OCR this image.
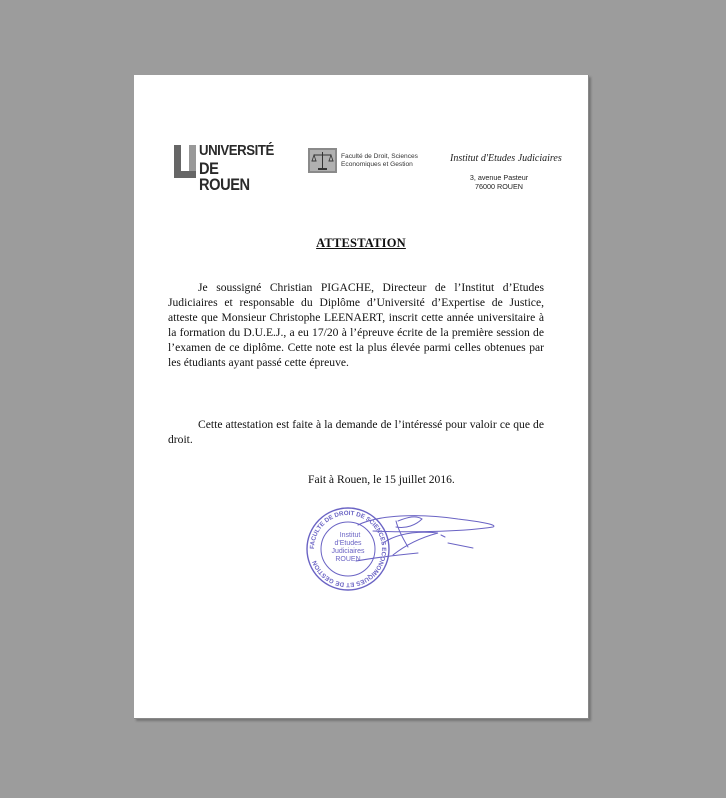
UNIVERSITÉ
DE ROUEN
Faculté de Droit, Sciences
Economiques et Gestion
Institut d'Etudes Judiciaires
3, avenue Pasteur
76000 ROUEN
ATTESTATION
Je soussigné Christian PIGACHE, Directeur de l’Institut d’Etudes Judiciaires et responsable du Diplôme d’Université d’Expertise de Justice, atteste que Monsieur Christophe LEENAERT, inscrit cette année universitaire à la formation du D.U.E.J., a eu 17/20 à l’épreuve écrite de la première session de l’examen de ce diplôme. Cette note est la plus élevée parmi celles obtenues par les étudiants ayant passé cette épreuve.
Cette attestation est faite à la demande de l’intéressé pour valoir ce que de droit.
Fait à Rouen, le 15 juillet 2016.
FACULTE DE DROIT DE SCIENCES ECONOMIQUES ET DE GESTION
Institut
d'Etudes
Judiciaires
ROUEN
